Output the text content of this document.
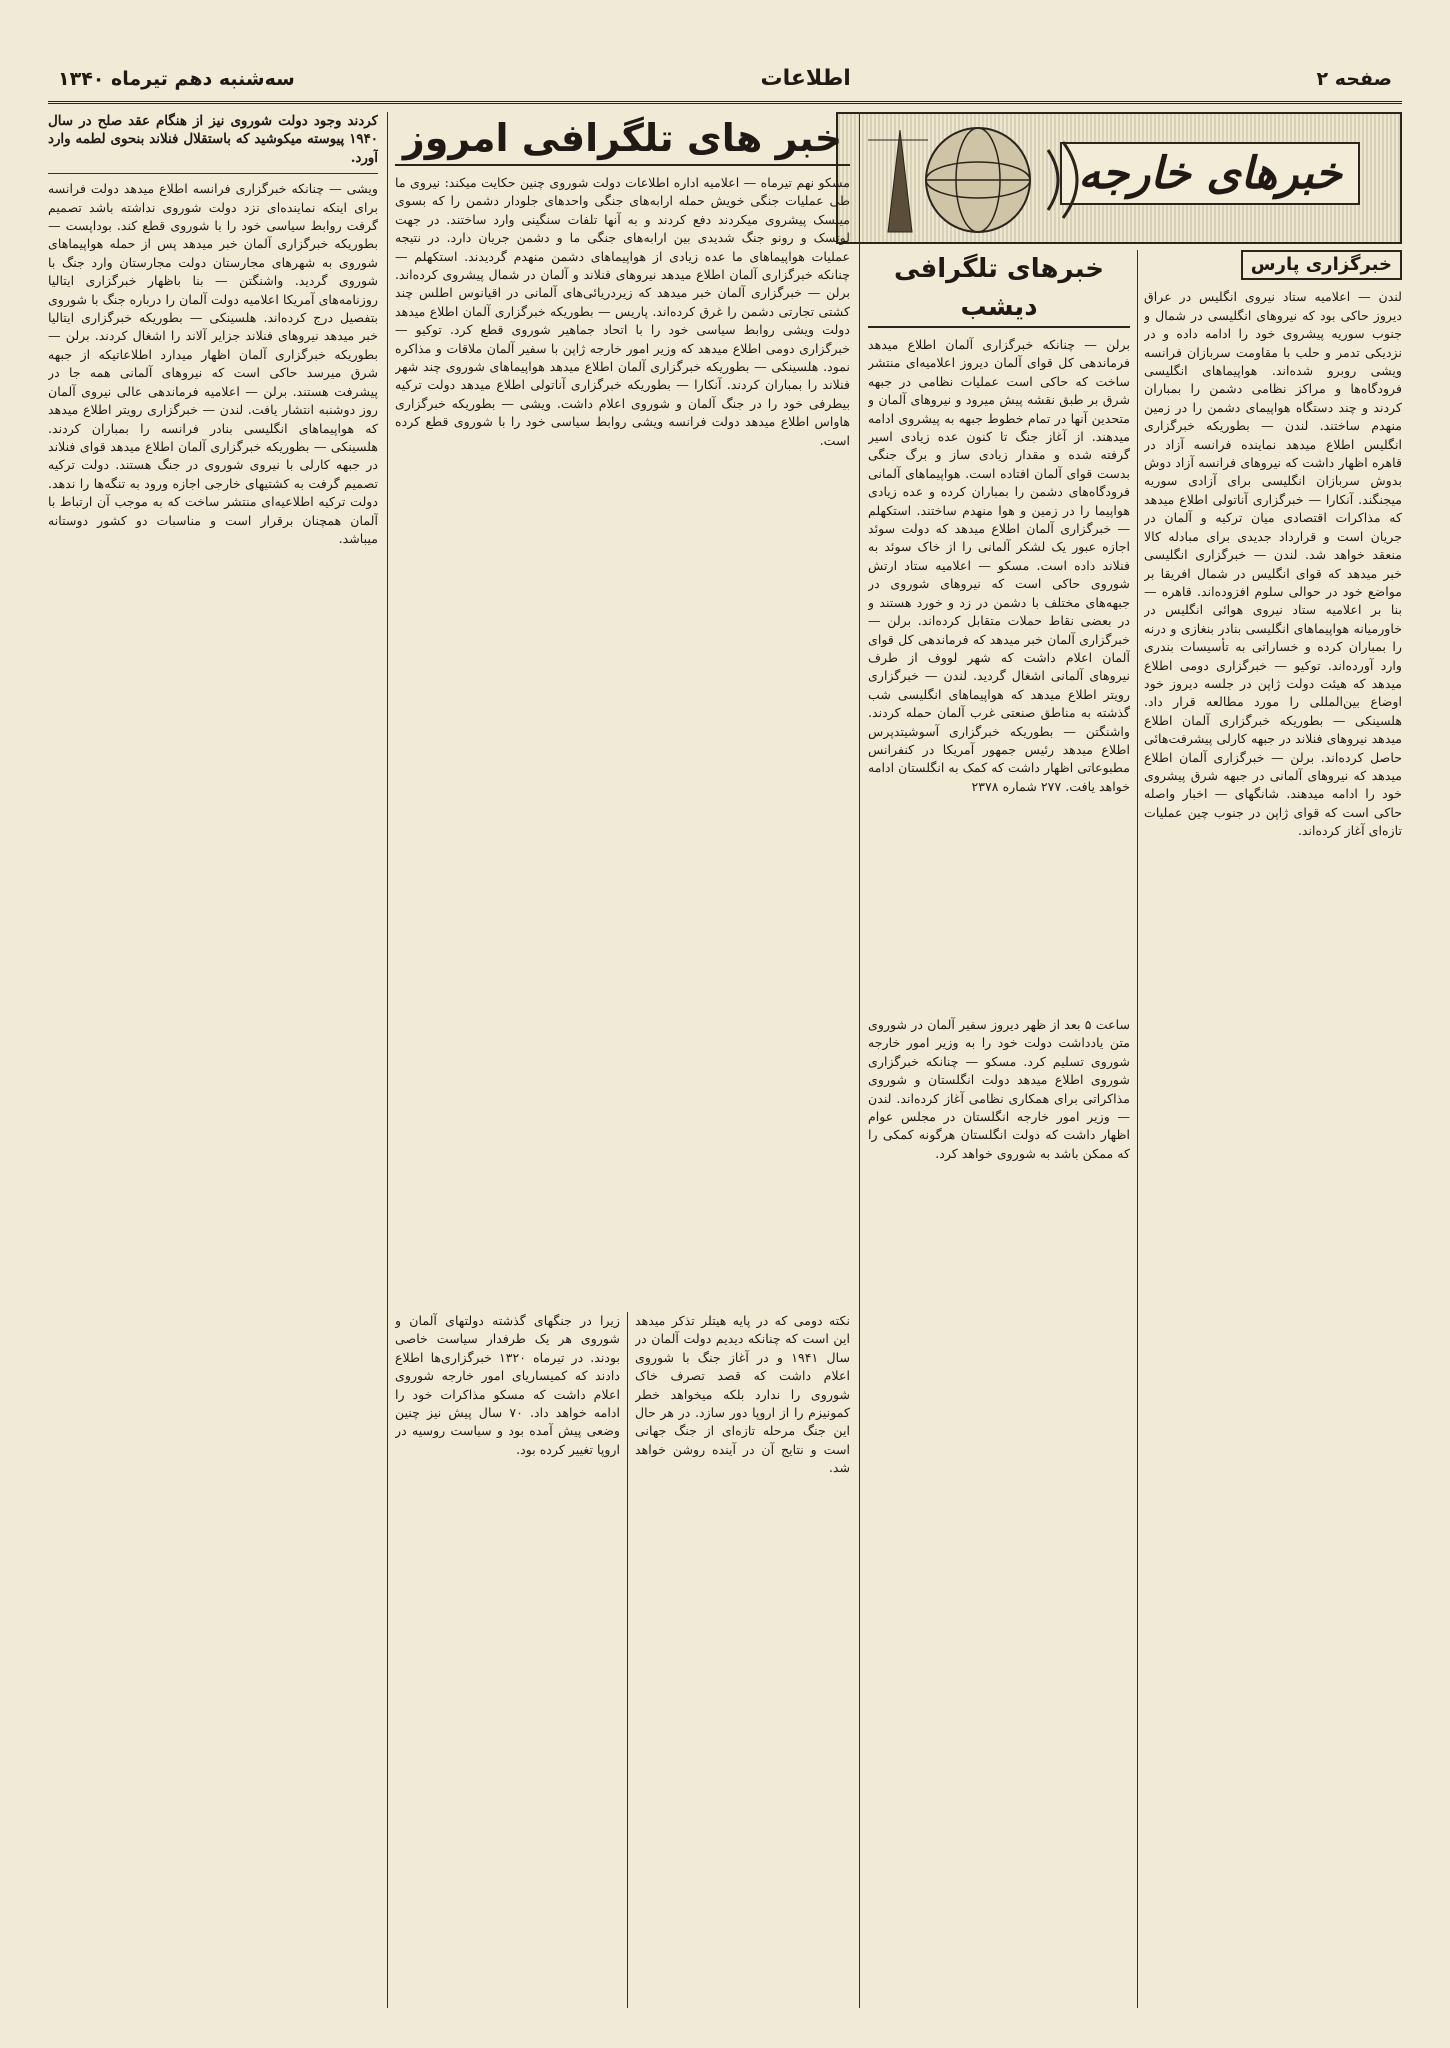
صفحه ۲
اطلاعات
سه‌شنبه دهم تیرماه ۱۳۴۰
خبرهای خارجه
خبرگزاری پارس

لندن — اعلامیه ستاد نیروی انگلیس در عراق دیروز حاکی بود که نیروهای انگلیسی در شمال و جنوب سوریه پیشروی خود را ادامه داده و در نزدیکی تدمر و حلب با مقاومت سربازان فرانسه ویشی روبرو شده‌اند. هواپیماهای انگلیسی فرودگاه‌ها و مراکز نظامی دشمن را بمباران کردند و چند دستگاه هواپیمای دشمن را در زمین منهدم ساختند. لندن — بطوریکه خبرگزاری انگلیس اطلاع میدهد نماینده فرانسه آزاد در قاهره اظهار داشت که نیروهای فرانسه آزاد دوش بدوش سربازان انگلیسی برای آزادی سوریه میجنگند. آنکارا — خبرگزاری آناتولی اطلاع میدهد که مذاکرات اقتصادی میان ترکیه و آلمان در جریان است و قرارداد جدیدی برای مبادله کالا منعقد خواهد شد. لندن — خبرگزاری انگلیسی خبر میدهد که قوای انگلیس در شمال افریقا بر مواضع خود در حوالی سلوم افزوده‌اند. قاهره — بنا بر اعلامیه ستاد نیروی هوائی انگلیس در خاورمیانه هواپیماهای انگلیسی بنادر بنغازی و درنه را بمباران کرده و خساراتی به تأسیسات بندری وارد آورده‌اند. توکیو — خبرگزاری دومی اطلاع میدهد که هیئت دولت ژاپن در جلسه دیروز خود اوضاع بین‌المللی را مورد مطالعه قرار داد. هلسینکی — بطوریکه خبرگزاری آلمان اطلاع میدهد نیروهای فنلاند در جبهه کارلی پیشرفت‌هائی حاصل کرده‌اند. برلن — خبرگزاری آلمان اطلاع میدهد که نیروهای آلمانی در جبهه شرق پیشروی خود را ادامه میدهند. شانگهای — اخبار واصله حاکی است که قوای ژاپن در جنوب چین عملیات تازه‌ای آغاز کرده‌اند.

خبرهای تلگرافی دیشب

برلن — چنانکه خبرگزاری آلمان اطلاع میدهد فرماندهی کل قوای آلمان دیروز اعلامیه‌ای منتشر ساخت که حاکی است عملیات نظامی در جبهه شرق بر طبق نقشه پیش میرود و نیروهای آلمان و متحدین آنها در تمام خطوط جبهه به پیشروی ادامه میدهند. از آغاز جنگ تا کنون عده زیادی اسیر گرفته شده و مقدار زیادی ساز و برگ جنگی بدست قوای آلمان افتاده است. هواپیماهای آلمانی فرودگاه‌های دشمن را بمباران کرده و عده زیادی هواپیما را در زمین و هوا منهدم ساختند. استکهلم — خبرگزاری آلمان اطلاع میدهد که دولت سوئد اجازه عبور یک لشکر آلمانی را از خاک سوئد به فنلاند داده است. مسکو — اعلامیه ستاد ارتش شوروی حاکی است که نیروهای شوروی در جبهه‌های مختلف با دشمن در زد و خورد هستند و در بعضی نقاط حملات متقابل کرده‌اند. برلن — خبرگزاری آلمان خبر میدهد که فرماندهی کل قوای آلمان اعلام داشت که شهر لووف از طرف نیروهای آلمانی اشغال گردید. لندن — خبرگزاری رویتر اطلاع میدهد که هواپیماهای انگلیسی شب گذشته به مناطق صنعتی غرب آلمان حمله کردند. واشنگتن — بطوریکه خبرگزاری آسوشیتدپرس اطلاع میدهد رئیس جمهور آمریکا در کنفرانس مطبوعاتی اظهار داشت که کمک به انگلستان ادامه خواهد یافت. ۲۷۷ شماره ۲۳۷۸

ساعت ۵ بعد از ظهر دیروز سفیر آلمان در شوروی متن یادداشت دولت خود را به وزیر امور خارجه شوروی تسلیم کرد. مسکو — چنانکه خبرگزاری شوروی اطلاع میدهد دولت انگلستان و شوروی مذاکراتی برای همکاری نظامی آغاز کرده‌اند. لندن — وزیر امور خارجه انگلستان در مجلس عوام اظهار داشت که دولت انگلستان هرگونه کمکی را که ممکن باشد به شوروی خواهد کرد.

خبر های تلگرافی امروز

مسکو نهم تیرماه — اعلامیه اداره اطلاعات دولت شوروی چنین حکایت میکند: نیروی ما طی عملیات جنگی خویش حمله ارابه‌های جنگی واحدهای جلودار دشمن را که بسوی مینسک پیشروی میکردند دفع کردند و به آنها تلفات سنگینی وارد ساختند. در جهت لوتسک و رونو جنگ شدیدی بین ارابه‌های جنگی ما و دشمن جریان دارد. در نتیجه عملیات هواپیماهای ما عده زیادی از هواپیماهای دشمن منهدم گردیدند. استکهلم — چنانکه خبرگزاری آلمان اطلاع میدهد نیروهای فنلاند و آلمان در شمال پیشروی کرده‌اند. برلن — خبرگزاری آلمان خبر میدهد که زیردریائی‌های آلمانی در اقیانوس اطلس چند کشتی تجارتی دشمن را غرق کرده‌اند. پاریس — بطوریکه خبرگزاری آلمان اطلاع میدهد دولت ویشی روابط سیاسی خود را با اتحاد جماهیر شوروی قطع کرد. توکیو — خبرگزاری دومی اطلاع میدهد که وزیر امور خارجه ژاپن با سفیر آلمان ملاقات و مذاکره نمود. هلسینکی — بطوریکه خبرگزاری آلمان اطلاع میدهد هواپیماهای شوروی چند شهر فنلاند را بمباران کردند. آنکارا — بطوریکه خبرگزاری آناتولی اطلاع میدهد دولت ترکیه بیطرفی خود را در جنگ آلمان و شوروی اعلام داشت. ویشی — بطوریکه خبرگزاری هاواس اطلاع میدهد دولت فرانسه ویشی روابط سیاسی خود را با شوروی قطع کرده است.

نکته دومی که در پایه هیتلر تذکر میدهد این است که چنانکه دیدیم دولت آلمان در سال ۱۹۴۱ و در آغاز جنگ با شوروی اعلام داشت که قصد تصرف خاک شوروی را ندارد بلکه میخواهد خطر کمونیزم را از اروپا دور سازد. در هر حال این جنگ مرحله تازه‌ای از جنگ جهانی است و نتایج آن در آینده روشن خواهد شد.

زیرا در جنگهای گذشته دولتهای آلمان و شوروی هر یک طرفدار سیاست خاصی بودند. در تیرماه ۱۳۲۰ خبرگزاری‌ها اطلاع دادند که کمیساریای امور خارجه شوروی اعلام داشت که مسکو مذاکرات خود را ادامه خواهد داد. ۷۰ سال پیش نیز چنین وضعی پیش آمده بود و سیاست روسیه در اروپا تغییر کرده بود.

کردند وجود دولت شوروی نیز از هنگام عقد صلح در سال ۱۹۴۰ پیوسته میکوشید که باستقلال فنلاند بنحوی لطمه وارد آورد.

ویشی — چنانکه خبرگزاری فرانسه اطلاع میدهد دولت فرانسه برای اینکه نماینده‌ای نزد دولت شوروی نداشته باشد تصمیم گرفت روابط سیاسی خود را با شوروی قطع کند. بوداپست — بطوریکه خبرگزاری آلمان خبر میدهد پس از حمله هواپیماهای شوروی به شهرهای مجارستان دولت مجارستان وارد جنگ با شوروی گردید. واشنگتن — بنا باظهار خبرگزاری ایتالیا روزنامه‌های آمریکا اعلامیه دولت آلمان را درباره جنگ با شوروی بتفصیل درج کرده‌اند. هلسینکی — بطوریکه خبرگزاری ایتالیا خبر میدهد نیروهای فنلاند جزایر آلاند را اشغال کردند. برلن — بطوریکه خبرگزاری آلمان اظهار میدارد اطلاعاتیکه از جبهه شرق میرسد حاکی است که نیروهای آلمانی همه جا در پیشرفت هستند. برلن — اعلامیه فرماندهی عالی نیروی آلمان روز دوشنبه انتشار یافت. لندن — خبرگزاری رویتر اطلاع میدهد که هواپیماهای انگلیسی بنادر فرانسه را بمباران کردند. هلسینکی — بطوریکه خبرگزاری آلمان اطلاع میدهد قوای فنلاند در جبهه کارلی با نیروی شوروی در جنگ هستند. دولت ترکیه تصمیم گرفت به کشتیهای خارجی اجازه ورود به تنگه‌ها را ندهد. دولت ترکیه اطلاعیه‌ای منتشر ساخت که به موجب آن ارتباط با آلمان همچنان برقرار است و مناسبات دو کشور دوستانه میباشد.
